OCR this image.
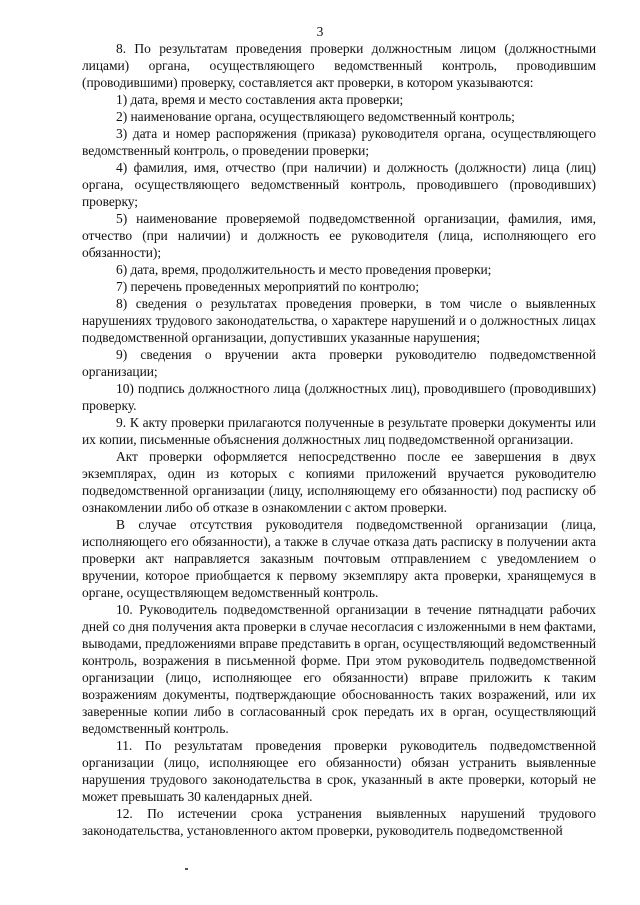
3

8. По результатам проведения проверки должностным лицом (должностными лицами) органа, осуществляющего ведомственный контроль, проводившим (проводившими) проверку, составляется акт проверки, в котором указываются:

1) дата, время и место составления акта проверки;

2) наименование органа, осуществляющего ведомственный контроль;

3) дата и номер распоряжения (приказа) руководителя органа, осуществляющего ведомственный контроль, о проведении проверки;

4) фамилия, имя, отчество (при наличии) и должность (должности) лица (лиц) органа, осуществляющего ведомственный контроль, проводившего (проводивших) проверку;

5) наименование проверяемой подведомственной организации, фамилия, имя, отчество (при наличии) и должность ее руководителя (лица, исполняющего его обязанности);

6) дата, время, продолжительность и место проведения проверки;

7) перечень проведенных мероприятий по контролю;

8) сведения о результатах проведения проверки, в том числе о выявленных нарушениях трудового законодательства, о характере нарушений и о должностных лицах подведомственной организации, допустивших указанные нарушения;

9) сведения о вручении акта проверки руководителю подведомственной организации;

10) подпись должностного лица (должностных лиц), проводившего (проводивших) проверку.

9. К акту проверки прилагаются полученные в результате проверки документы или их копии, письменные объяснения должностных лиц подведомственной организации.

Акт проверки оформляется непосредственно после ее завершения в двух экземплярах, один из которых с копиями приложений вручается руководителю подведомственной организации (лицу, исполняющему его обязанности) под расписку об ознакомлении либо об отказе в ознакомлении с актом проверки.

В случае отсутствия руководителя подведомственной организации (лица, исполняющего его обязанности), а также в случае отказа дать расписку в получении акта проверки акт направляется заказным почтовым отправлением с уведомлением о вручении, которое приобщается к первому экземпляру акта проверки, хранящемуся в органе, осуществляющем ведомственный контроль.

10. Руководитель подведомственной организации в течение пятнадцати рабочих дней со дня получения акта проверки в случае несогласия с изложенными в нем фактами, выводами, предложениями вправе представить в орган, осуществляющий ведомственный контроль, возражения в письменной форме. При этом руководитель подведомственной организации (лицо, исполняющее его обязанности) вправе приложить к таким возражениям документы, подтверждающие обоснованность таких возражений, или их заверенные копии либо в согласованный срок передать их в орган, осуществляющий ведомственный контроль.

11. По результатам проведения проверки руководитель подведомственной организации (лицо, исполняющее его обязанности) обязан устранить выявленные нарушения трудового законодательства в срок, указанный в акте проверки, который не может превышать 30 календарных дней.

12. По истечении срока устранения выявленных нарушений трудового законодательства, установленного актом проверки, руководитель подведомственной
